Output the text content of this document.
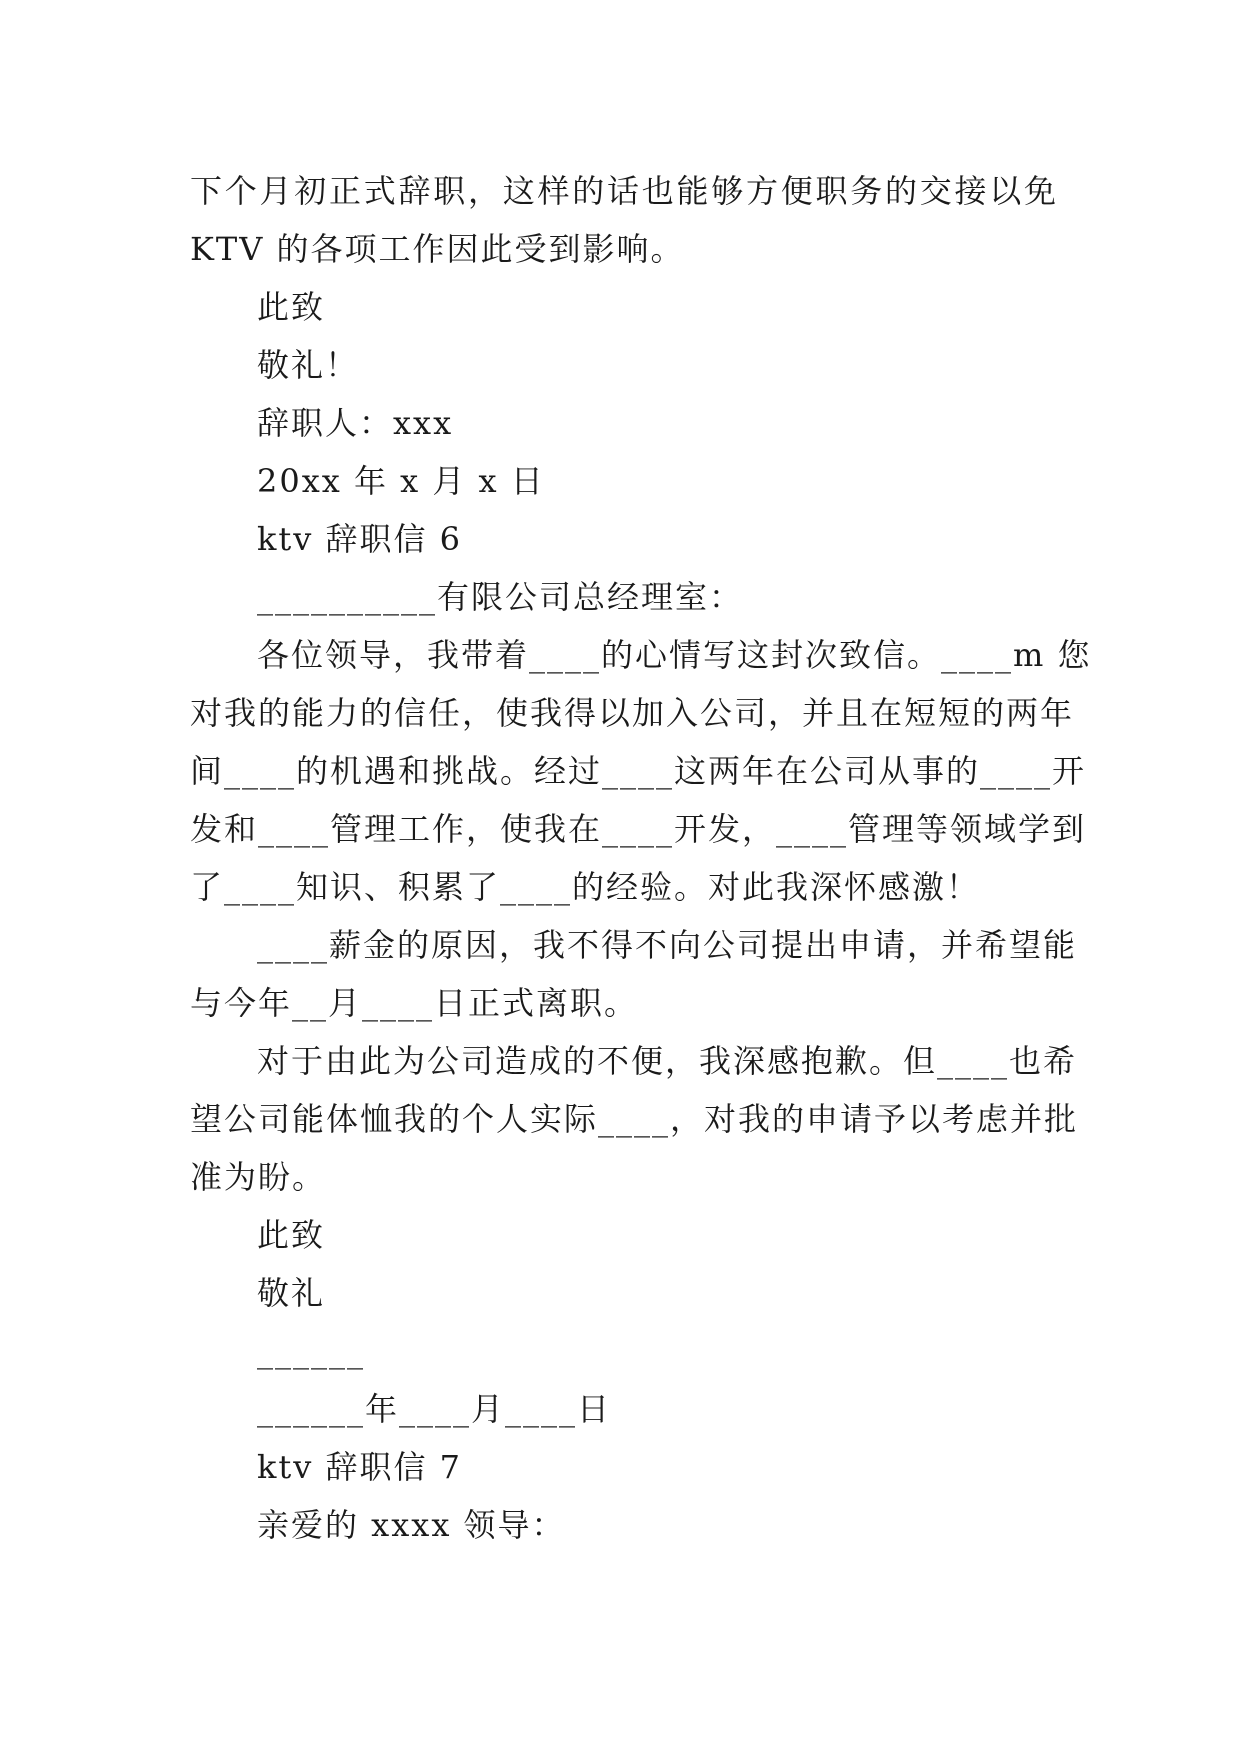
下个月初正式辞职，这样的话也能够方便职务的交接以免
KTV 的各项工作因此受到影响。
此致
敬礼！
辞职人：xxx
20xx 年 x 月 x 日
ktv 辞职信 6
__________有限公司总经理室：
各位领导，我带着____的心情写这封次致信。____m 您
对我的能力的信任，使我得以加入公司，并且在短短的两年
间____的机遇和挑战。经过____这两年在公司从事的____开
发和____管理工作，使我在____开发，____管理等领域学到
了____知识、积累了____的经验。对此我深怀感激！
____薪金的原因，我不得不向公司提出申请，并希望能
与今年__月____日正式离职。
对于由此为公司造成的不便，我深感抱歉。但____也希
望公司能体恤我的个人实际____，对我的申请予以考虑并批
准为盼。
此致
敬礼
______
______年____月____日
ktv 辞职信 7
亲爱的 xxxx 领导：
